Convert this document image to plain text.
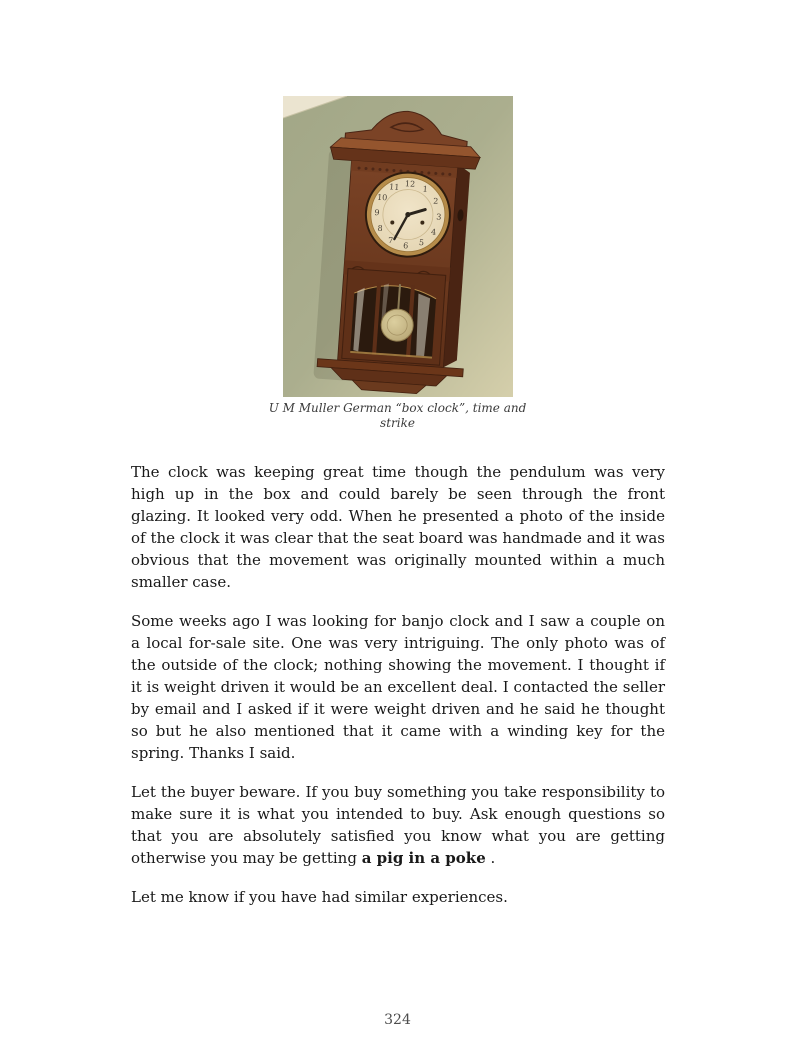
1
2
3
4
5
6
7
8
9
10
11 12
U M Muller German “box clock”, time and
strike

The clock was keeping great time though the pendulum was very high up in the box and could barely be seen through the front glazing. It looked very odd. When he presented a photo of the inside of the clock it was clear that the seat board was handmade and it was obvious that the movement was originally mounted within a much smaller case.

Some weeks ago I was looking for banjo clock and I saw a couple on a local for-sale site. One was very intriguing. The only photo was of the outside of the clock; nothing showing the movement. I thought if it is weight driven it would be an excellent deal. I contacted the seller by email and I asked if it were weight driven and he said he thought so but he also mentioned that it came with a winding key for the spring. Thanks I said.

Let the buyer beware. If you buy something you take responsibility to make sure it is what you intended to buy. Ask enough questions so that you are absolutely satisfied you know what you are getting otherwise you may be getting a pig in a poke .

Let me know if you have had similar experiences.

324
